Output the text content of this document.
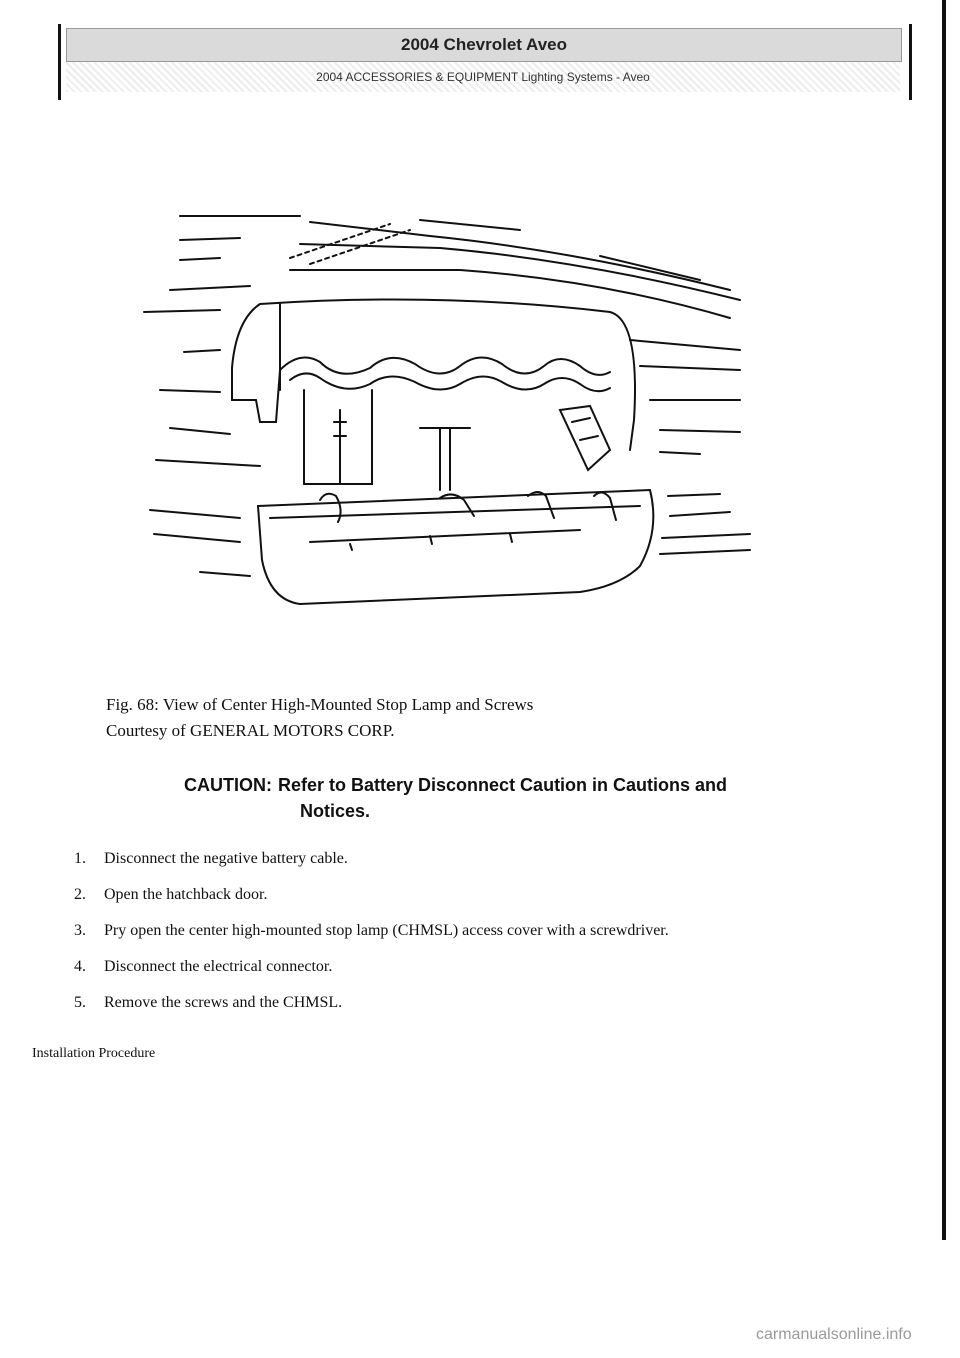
2004 Chevrolet Aveo
2004 ACCESSORIES & EQUIPMENT Lighting Systems - Aveo
Fig. 68: View of Center High-Mounted Stop Lamp and Screws
Courtesy of GENERAL MOTORS CORP.
CAUTION: Refer to Battery Disconnect Caution in Cautions and
Notices.
1.	Disconnect the negative battery cable.
2.	Open the hatchback door.
3.	Pry open the center high-mounted stop lamp (CHMSL) access cover with a screwdriver.
4.	Disconnect the electrical connector.
5.	Remove the screws and the CHMSL.
Installation Procedure
carmanualsonline.info
